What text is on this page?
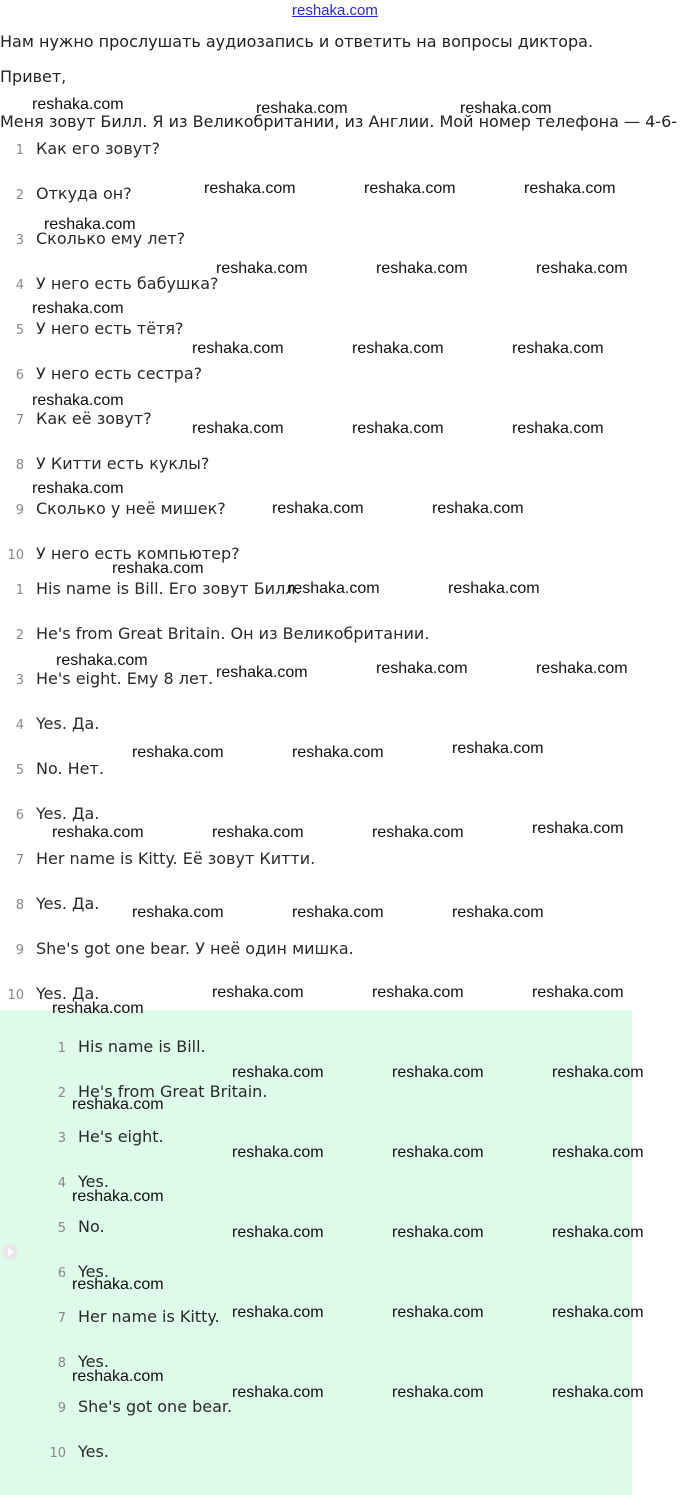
reshaka.com
Нам нужно прослушать аудиозапись и ответить на вопросы диктора.
Привет,
Меня зовут Билл. Я из Великобритании, из Англии. Мой номер телефона — 4-6-
1 Как его зовут?
2 Откуда он?
3 Сколько ему лет?
4 У него есть бабушка?
5 У него есть тётя?
6 У него есть сестра?
7 Как её зовут?
8 У Китти есть куклы?
9 Сколько у неё мишек?
10 У него есть компьютер?
1 His name is Bill. Его зовут Билл.
2 He's from Great Britain. Он из Великобритании.
3 He's eight. Ему 8 лет.
4 Yes. Да.
5 No. Нет.
6 Yes. Да.
7 Her name is Kitty. Её зовут Китти.
8 Yes. Да.
9 She's got one bear. У неё один мишка.
10 Yes. Да.
1 His name is Bill.
2 He's from Great Britain.
3 He's eight.
4 Yes.
5 No.
6 Yes.
7 Her name is Kitty.
8 Yes.
9 She's got one bear.
10 Yes.
reshaka.com	reshaka.com	reshaka.com
reshaka.com	reshaka.com	reshaka.com
reshaka.com
reshaka.com	reshaka.com	reshaka.com
reshaka.com
reshaka.com	reshaka.com	reshaka.com
reshaka.com
reshaka.com	reshaka.com	reshaka.com
reshaka.com
reshaka.com	reshaka.com
reshaka.com
reshaka.com	reshaka.com
reshaka.com
reshaka.com	reshaka.com	reshaka.com
reshaka.com	reshaka.com	reshaka.com
reshaka.com	reshaka.com	reshaka.com	reshaka.com
reshaka.com	reshaka.com	reshaka.com
reshaka.com	reshaka.com	reshaka.com
reshaka.com
reshaka.com	reshaka.com	reshaka.com
reshaka.com
reshaka.com	reshaka.com	reshaka.com
reshaka.com
reshaka.com	reshaka.com	reshaka.com
reshaka.com
reshaka.com	reshaka.com	reshaka.com
reshaka.com
reshaka.com	reshaka.com	reshaka.com
